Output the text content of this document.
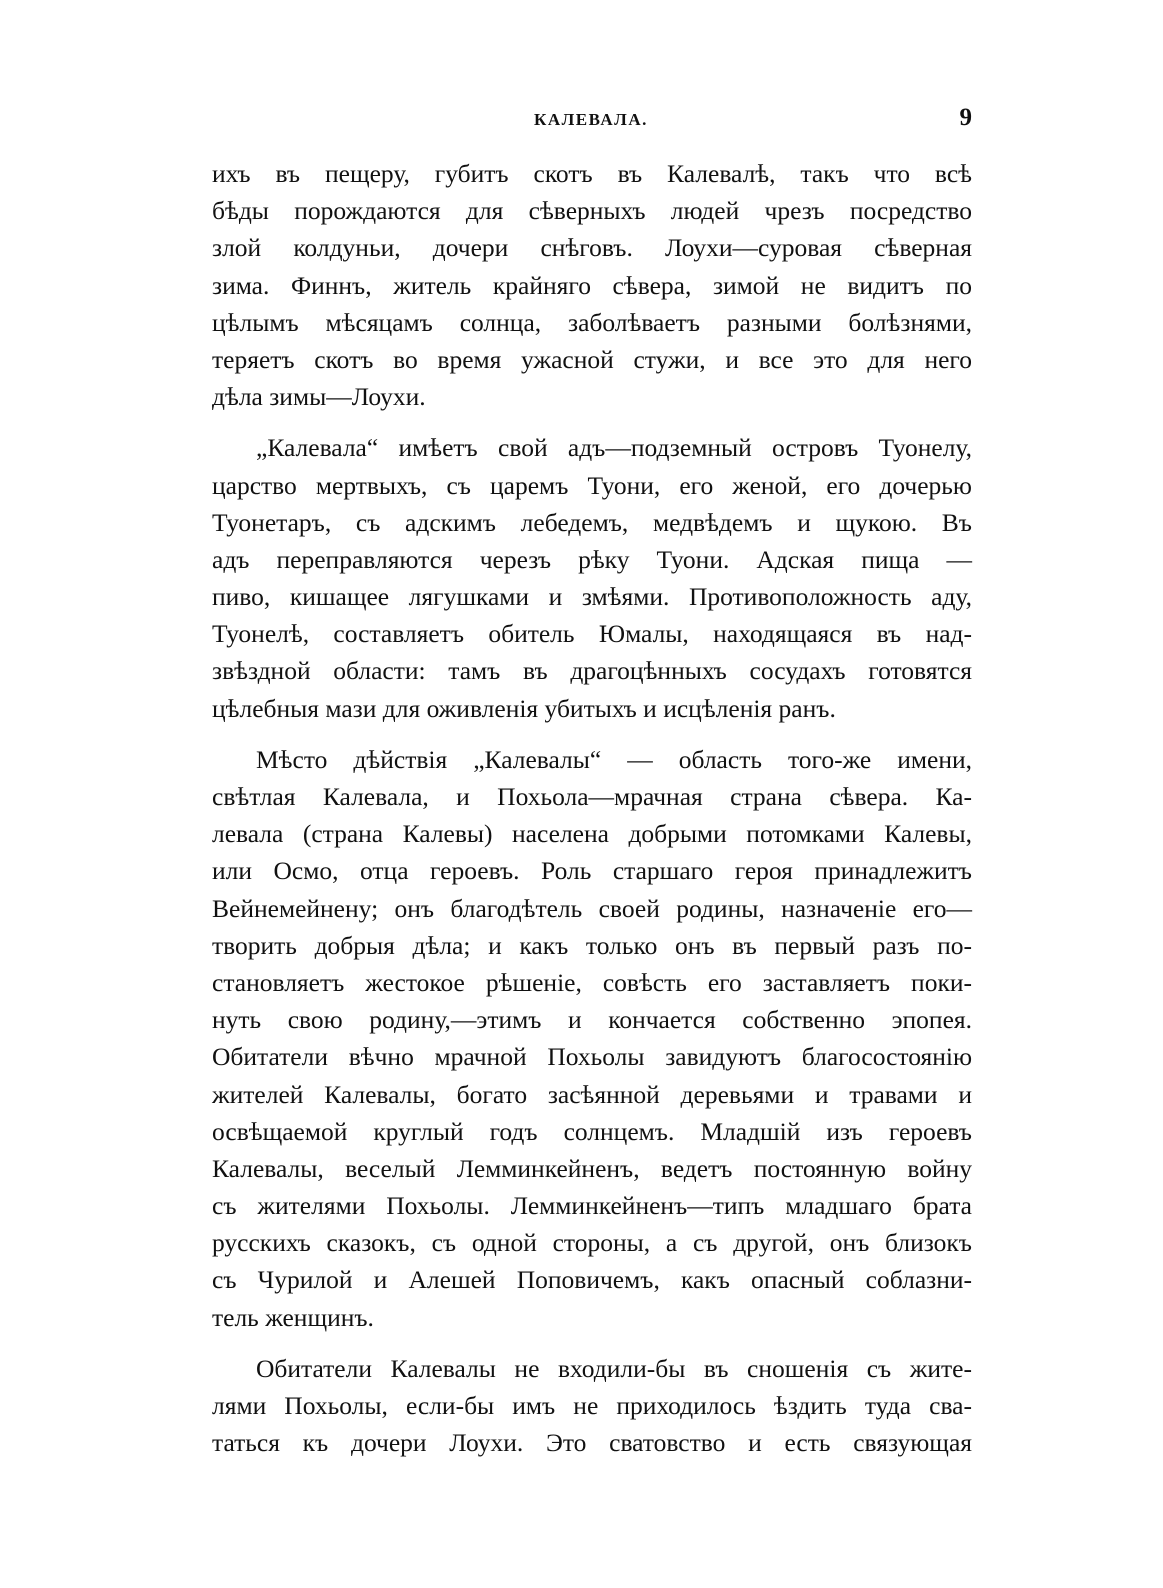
КАЛЕВАЛА.	9
ихъ въ пещеру, губитъ скотъ въ Калевалѣ, такъ что всѣ
бѣды порождаются для сѣверныхъ людей чрезъ посредство
злой колдуньи, дочери снѣговъ. Лоухи—суровая сѣверная
зима. Финнъ, житель крайняго сѣвера, зимой не видитъ по
цѣлымъ мѣсяцамъ солнца, заболѣваетъ разными болѣзнями,
теряетъ скотъ во время ужасной стужи, и все это для него
дѣла зимы—Лоухи.
„Калевала“ имѣетъ свой адъ—подземный островъ Туонелу,
царство мертвыхъ, съ царемъ Туони, его женой, его дочерью
Туонетаръ, съ адскимъ лебедемъ, медвѣдемъ и щукою. Въ
адъ переправляются черезъ рѣку Туони. Адская пища —
пиво, кишащее лягушками и змѣями. Противоположность аду,
Туонелѣ, составляетъ обитель Юмалы, находящаяся въ над-
звѣздной области: тамъ въ драгоцѣнныхъ сосудахъ готовятся
цѣлебныя мази для оживленія убитыхъ и исцѣленія ранъ.
Мѣсто дѣйствія „Калевалы“ — область того-же имени,
свѣтлая Калевала, и Похьола—мрачная страна сѣвера. Ка-
левала (страна Калевы) населена добрыми потомками Калевы,
или Осмо, отца героевъ. Роль старшаго героя принадлежитъ
Вейнемейнену; онъ благодѣтель своей родины, назначенiе его—
творить добрыя дѣла; и какъ только онъ въ первый разъ по-
становляетъ жестокое рѣшенiе, совѣсть его заставляетъ поки-
нуть свою родину,—этимъ и кончается собственно эпопея.
Обитатели вѣчно мрачной Похьолы завидуютъ благосостоянiю
жителей Калевалы, богато засѣянной деревьями и травами и
освѣщаемой круглый годъ солнцемъ. Младшiй изъ героевъ
Калевалы, веселый Лемминкейненъ, ведетъ постоянную войну
съ жителями Похьолы. Лемминкейненъ—типъ младшаго брата
русскихъ сказокъ, съ одной стороны, а съ другой, онъ близокъ
съ Чурилой и Алешей Поповичемъ, какъ опасный соблазни-
тель женщинъ.
Обитатели Калевалы не входили-бы въ сношенiя съ жите-
лями Похьолы, если-бы имъ не приходилось ѣздить туда сва-
таться къ дочери Лоухи. Это сватовство и есть связующая
